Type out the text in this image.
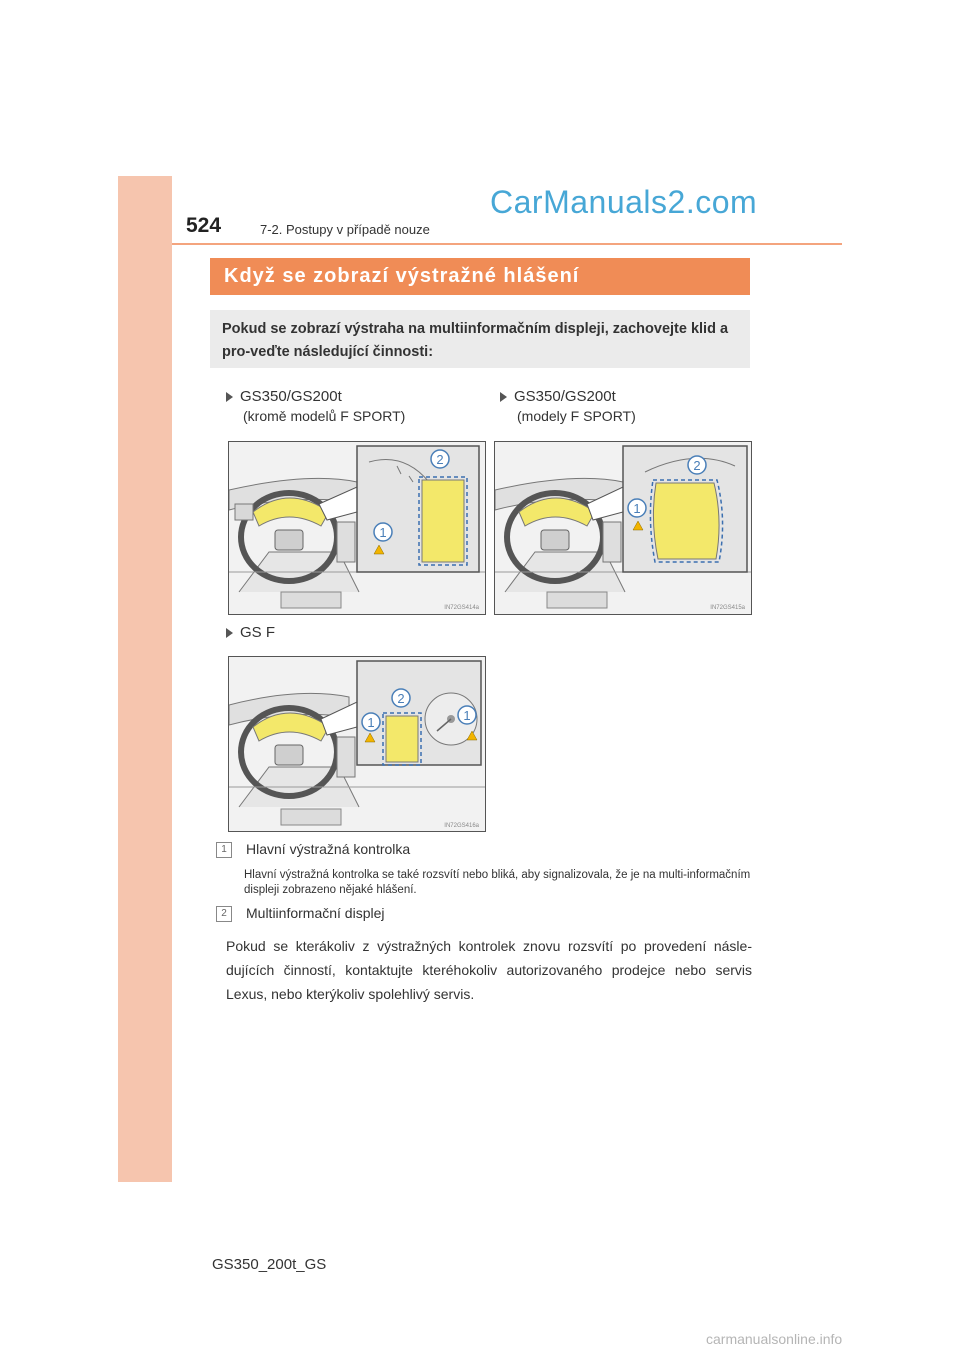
524	7-2. Postupy v případě nouze
CarManuals2.com
Když se zobrazí výstražné hlášení
Pokud se zobrazí výstraha na multiinformačním displeji, zachovejte klid a pro-veďte následující činnosti:
GS350/GS200t
(kromě modelů F SPORT)
GS350/GS200t
(modely F SPORT)
GS F
2
1
IN72GS414a
2
1
IN72GS415a
2
1	1
IN72GS416a
1 Hlavní výstražná kontrolka
Hlavní výstražná kontrolka se také rozsvítí nebo bliká, aby signalizovala, že je na multi-informačním displeji zobrazeno nějaké hlášení.
2 Multiinformační displej
Pokud se kterákoliv z výstražných kontrolek znovu rozsvítí po provedení násle-dujících činností, kontaktujte kteréhokoliv autorizovaného prodejce nebo servis Lexus, nebo kterýkoliv spolehlivý servis.
GS350_200t_GS
carmanualsonline.info
